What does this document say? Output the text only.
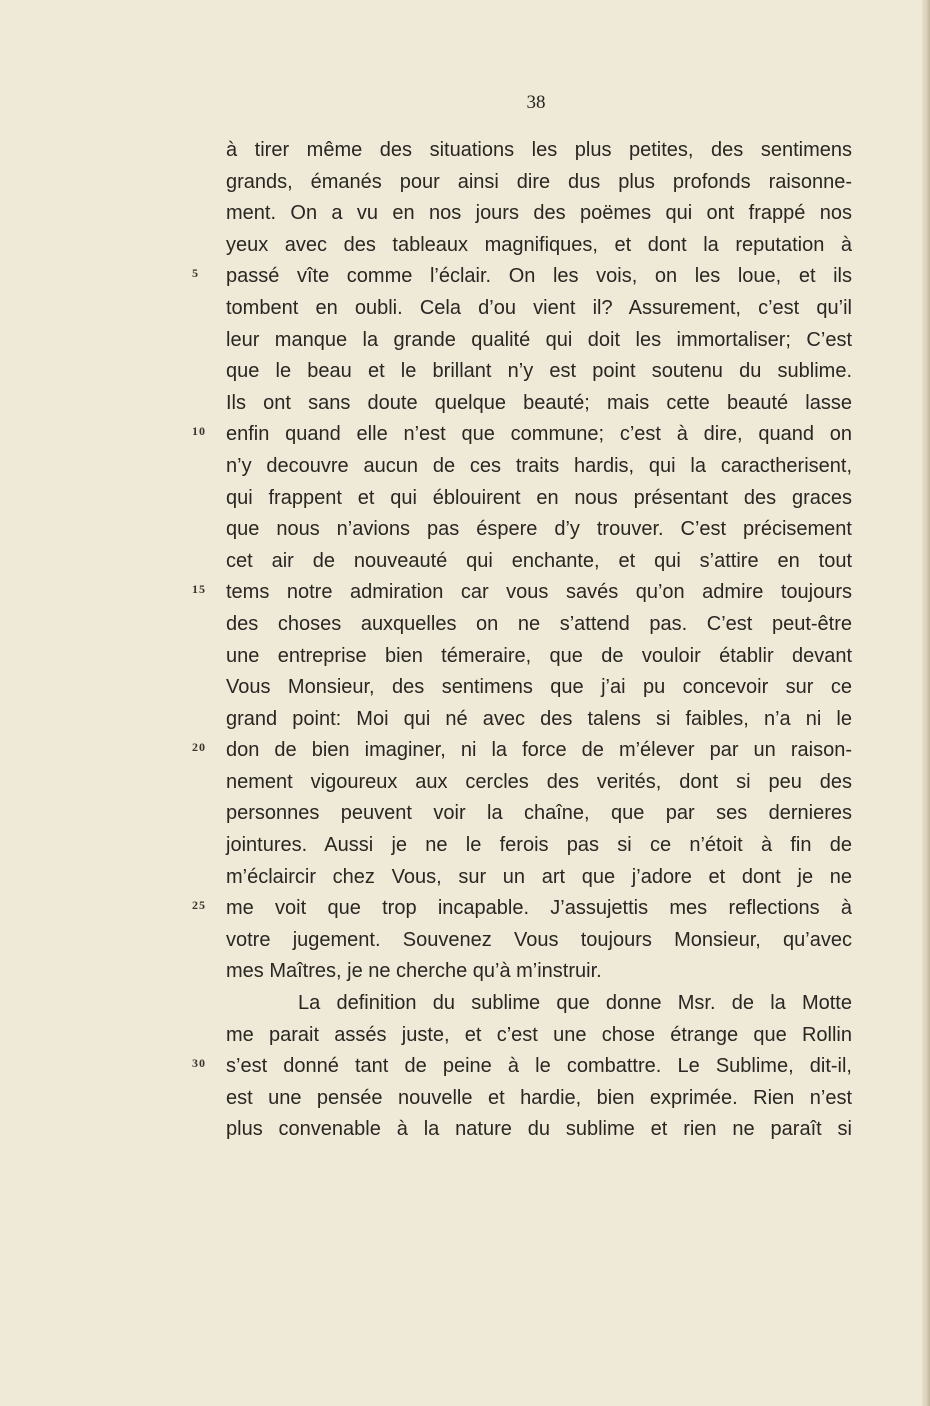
38
à tirer même des situations les plus petites, des sentimens
grands, émanés pour ainsi dire dus plus profonds raisonne-
ment. On a vu en nos jours des poëmes qui ont frappé nos
yeux avec des tableaux magnifiques, et dont la reputation à
passé vîte comme l’éclair. On les vois, on les loue, et ils
tombent en oubli. Cela d’ou vient il? Assurement, c’est qu’il
leur manque la grande qualité qui doit les immortaliser; C’est
que le beau et le brillant n’y est point soutenu du sublime.
Ils ont sans doute quelque beauté; mais cette beauté lasse
enfin quand elle n’est que commune; c’est à dire, quand on
n’y decouvre aucun de ces traits hardis, qui la caractherisent,
qui frappent et qui éblouirent en nous présentant des graces
que nous n’avions pas éspere d’y trouver. C’est précisement
cet air de nouveauté qui enchante, et qui s’attire en tout
tems notre admiration car vous savés qu’on admire toujours
des choses auxquelles on ne s’attend pas. C’est peut-être
une entreprise bien témeraire, que de vouloir établir devant
Vous Monsieur, des sentimens que j’ai pu concevoir sur ce
grand point: Moi qui né avec des talens si faibles, n’a ni le
don de bien imaginer, ni la force de m’élever par un raison-
nement vigoureux aux cercles des verités, dont si peu des
personnes peuvent voir la chaîne, que par ses dernieres
jointures. Aussi je ne le ferois pas si ce n’étoit à fin de
m’éclaircir chez Vous, sur un art que j’adore et dont je ne
me voit que trop incapable. J’assujettis mes reflections à
votre jugement. Souvenez Vous toujours Monsieur, qu’avec
mes Maîtres, je ne cherche qu’à m’instruir.
La definition du sublime que donne Msr. de la Motte
me parait assés juste, et c’est une chose étrange que Rollin
s’est donné tant de peine à le combattre. Le Sublime, dit-il,
est une pensée nouvelle et hardie, bien exprimée. Rien n’est
plus convenable à la nature du sublime et rien ne paraît si
5
10
15
20
25
30
